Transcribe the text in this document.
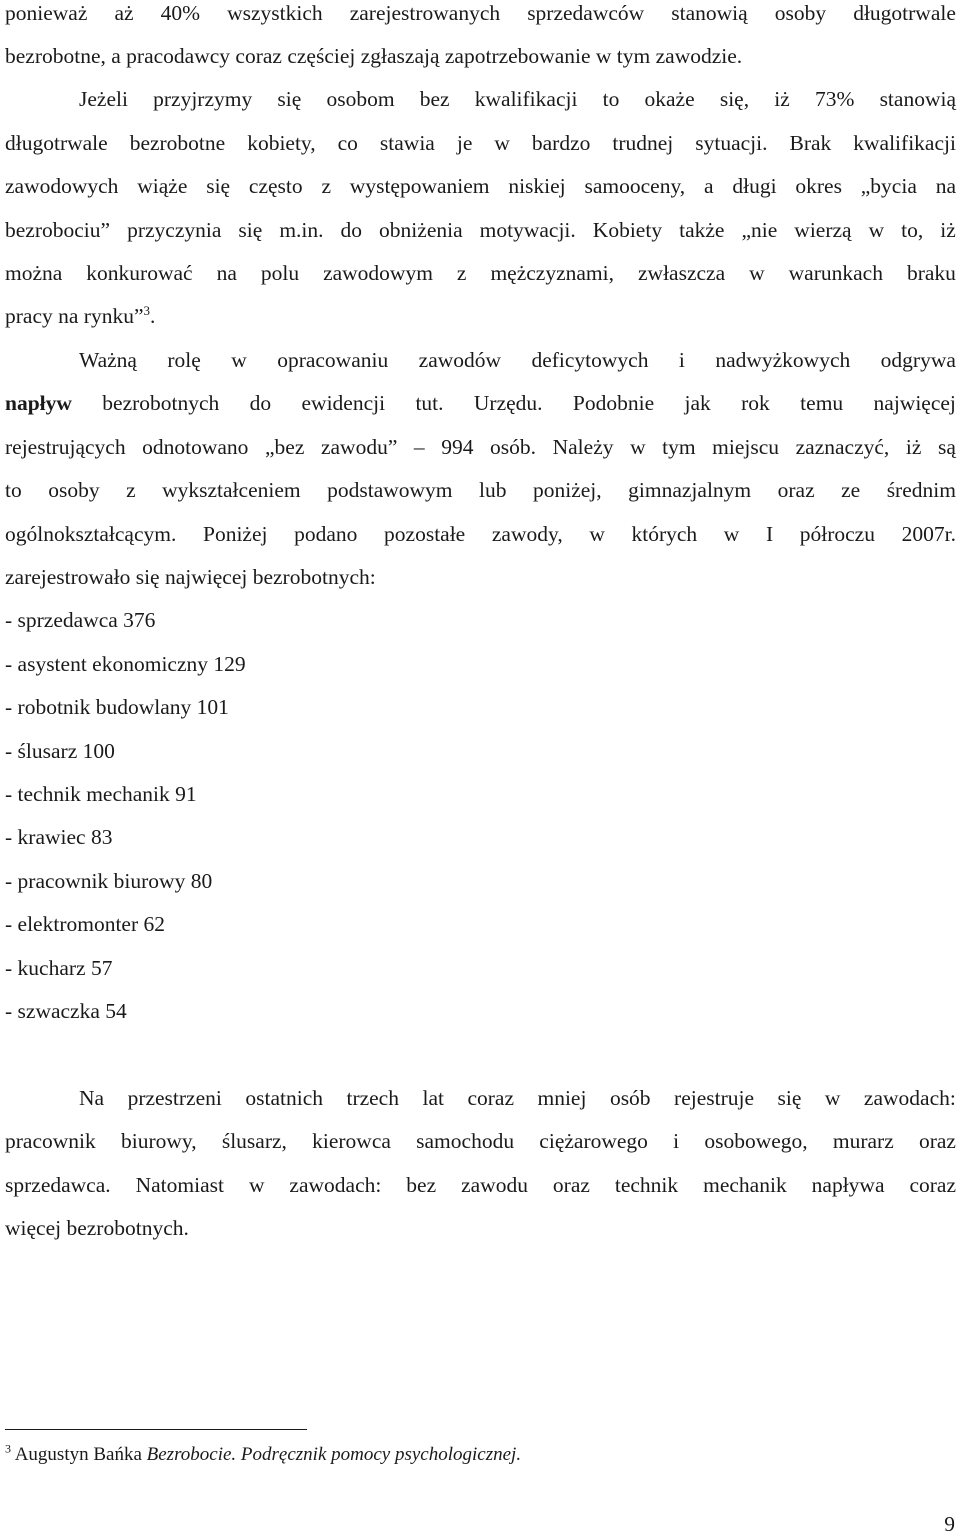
ponieważ aż 40% wszystkich zarejestrowanych sprzedawców stanowią osoby długotrwale
bezrobotne, a pracodawcy coraz częściej zgłaszają zapotrzebowanie w tym zawodzie.
Jeżeli przyjrzymy się osobom bez kwalifikacji to okaże się, iż 73% stanowią
długotrwale bezrobotne kobiety, co stawia je w bardzo trudnej sytuacji. Brak kwalifikacji
zawodowych wiąże się często z występowaniem niskiej samooceny, a długi okres „bycia na
bezrobociu” przyczynia się m.in. do obniżenia motywacji. Kobiety także „nie wierzą w to, iż
można konkurować na polu zawodowym z mężczyznami, zwłaszcza w warunkach braku
pracy na rynku”$^3$.
Ważną rolę w opracowaniu zawodów deficytowych i nadwyżkowych odgrywa
napływ bezrobotnych do ewidencji tut. Urzędu. Podobnie jak rok temu najwięcej
rejestrujących odnotowano „bez zawodu” – 994 osób. Należy w tym miejscu zaznaczyć, iż są
to osoby z wykształceniem podstawowym lub poniżej, gimnazjalnym oraz ze średnim
ogólnokształcącym. Poniżej podano pozostałe zawody, w których w I półroczu 2007r.
zarejestrowało się najwięcej bezrobotnych:
- sprzedawca 376
- asystent ekonomiczny 129
- robotnik budowlany 101
- ślusarz 100
- technik mechanik 91
- krawiec 83
- pracownik biurowy 80
- elektromonter 62
- kucharz 57
- szwaczka 54
Na przestrzeni ostatnich trzech lat coraz mniej osób rejestruje się w zawodach:
pracownik biurowy, ślusarz, kierowca samochodu ciężarowego i osobowego, murarz oraz
sprzedawca. Natomiast w zawodach: bez zawodu oraz technik mechanik napływa coraz
więcej bezrobotnych.
$^3$ Augustyn Bańka Bezrobocie. Podręcznik pomocy psychologicznej.
9
